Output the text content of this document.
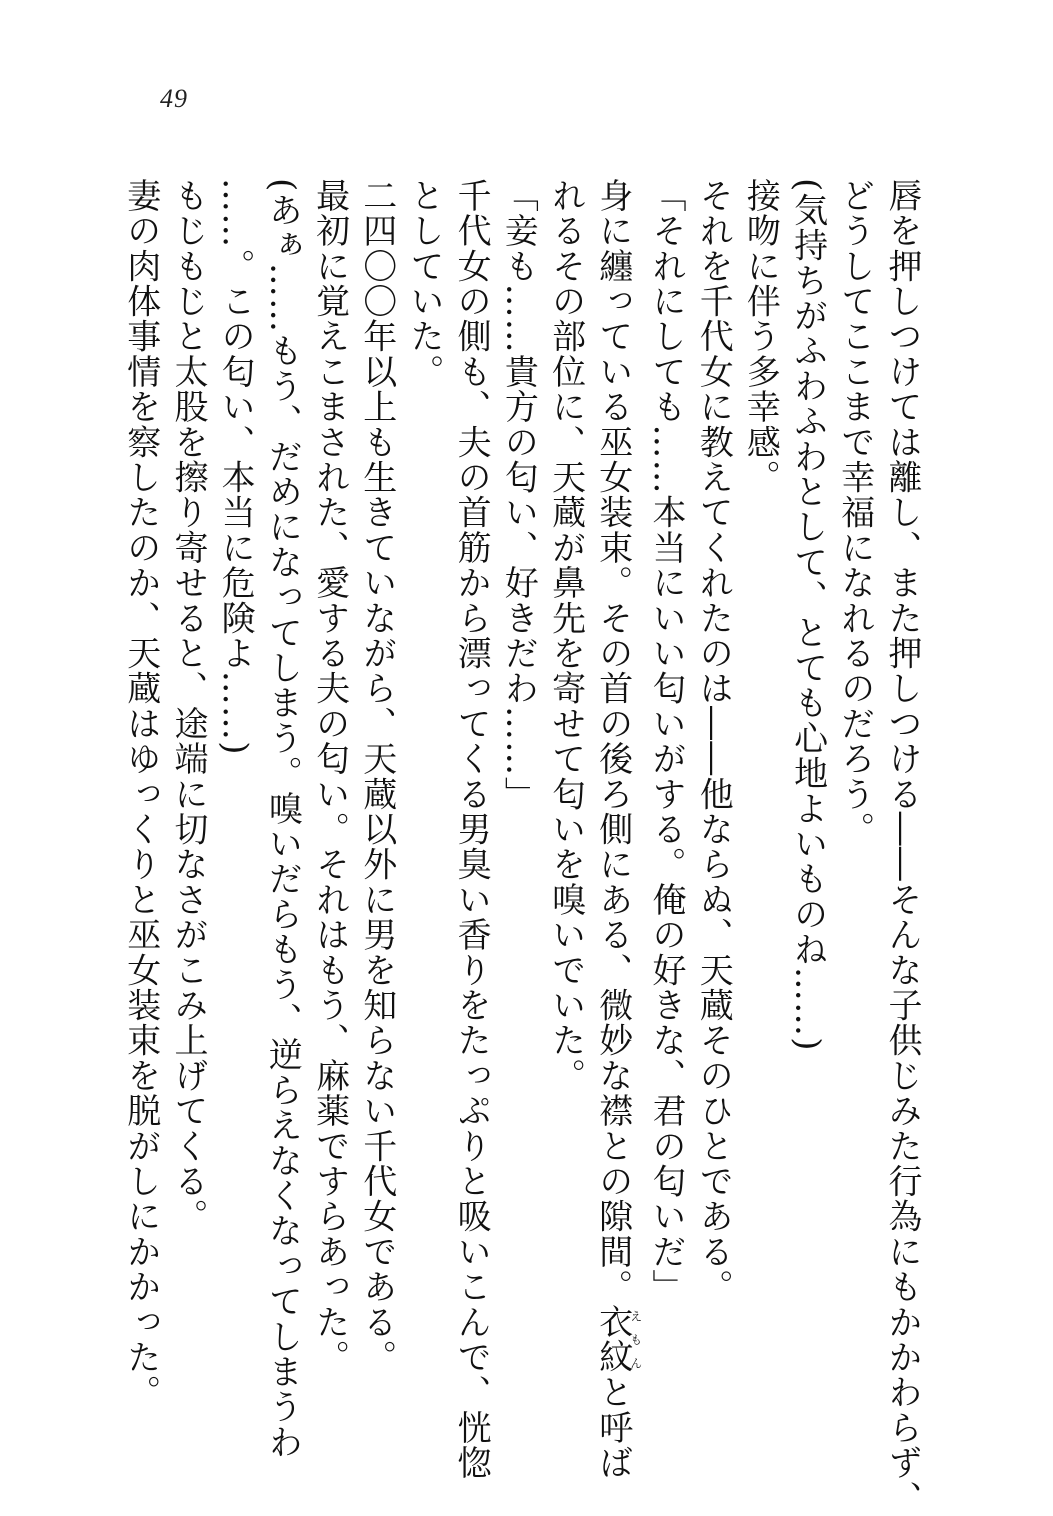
49
唇を押しつけては離し、また押しつける――そんな子供じみた行為にもかかわらず、
どうしてここまで幸福になれるのだろう。
(気持ちがふわふわとして、とても心地よいものね……)
接吻に伴う多幸感。
それを千代女に教えてくれたのは――他ならぬ、天蔵そのひとである。
「それにしても……本当にいい匂いがする。俺の好きな、君の匂いだ」
身に纏っている巫女装束。その首の後ろ側にある、微妙な襟との隙間。衣紋えもんと呼ば
れるその部位に、天蔵が鼻先を寄せて匂いを嗅いでいた。
「妾も……貴方の匂い、好きだわ……」
千代女の側も、夫の首筋から漂ってくる男臭い香りをたっぷりと吸いこんで、恍惚
としていた。
二四〇〇年以上も生きていながら、天蔵以外に男を知らない千代女である。
最初に覚えこまされた、愛する夫の匂い。それはもう、麻薬ですらあった。
(あぁ……もう、だめになってしまう。嗅いだらもう、逆らえなくなってしまうわ
……。この匂い、本当に危険よ……)
もじもじと太股を擦り寄せると、途端に切なさがこみ上げてくる。
妻の肉体事情を察したのか、天蔵はゆっくりと巫女装束を脱がしにかかった。
